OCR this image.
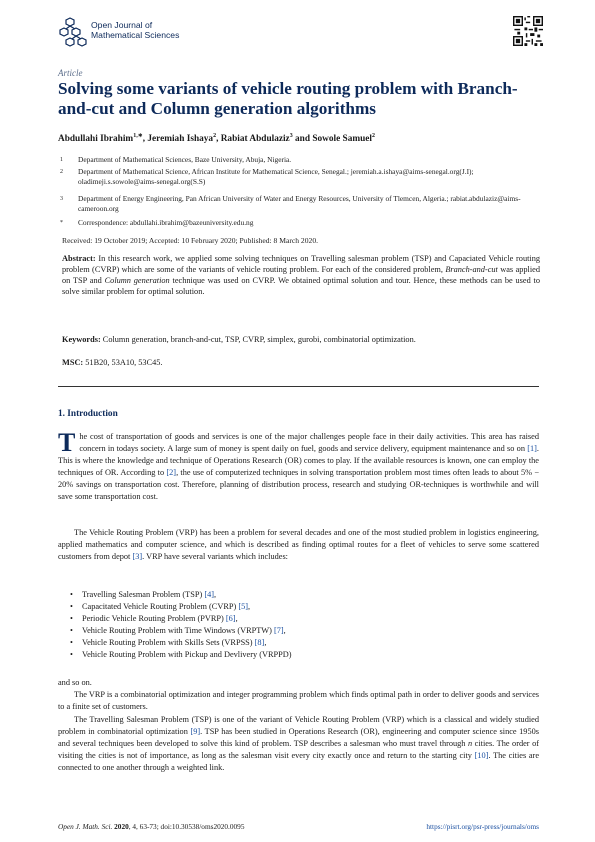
Open Journal of
Mathematical Sciences
Article
Solving some variants of vehicle routing problem with Branch-and-cut and Column generation algorithms
Abdullahi Ibrahim$^{1,∗}$, Jeremiah Ishaya$^2$, Rabiat Abdulaziz$^3$ and Sowole Samuel$^2$
1 Department of Mathematical Sciences, Baze University, Abuja, Nigeria.
2 Department of Mathematical Science, African Institute for Mathematical Science, Senegal.; jeremiah.a.ishaya@aims-senegal.org(J.I); oladimeji.s.sowole@aims-senegal.org(S.S)
3 Department of Energy Engineering, Pan African University of Water and Energy Resources, University of Tlemcen, Algeria.; rabiat.abdulaziz@aims-cameroon.org
* Correspondence: abdullahi.ibrahim@bazeuniversity.edu.ng
Received: 19 October 2019; Accepted: 10 February 2020; Published: 8 March 2020.
Abstract: In this research work, we applied some solving techniques on Travelling salesman problem (TSP) and Capaciated Vehicle routing problem (CVRP) which are some of the variants of vehicle routing problem. For each of the considered problem, Branch-and-cut was applied on TSP and Column generation technique was used on CVRP. We obtained optimal solution and tour. Hence, these methods can be used to solve similar problem for optimal solution.
Keywords: Column generation, branch-and-cut, TSP, CVRP, simplex, gurobi, combinatorial optimization.
MSC: 51B20, 53A10, 53C45.
1. Introduction
The cost of transportation of goods and services is one of the major challenges people face in their daily activities. This area has raised concern in todays society. A large sum of money is spent daily on fuel, goods and service delivery, equipment maintenance and so on [1]. This is where the knowledge and technique of Operations Research (OR) comes to play. If the available resources is known, one can employ the techniques of OR. According to [2], the use of computerized techniques in solving transportation problem most times often leads to about 5% − 20% savings on transportation cost. Therefore, planning of distribution process, research and studying OR-techniques is worthwhile and will save some transportation cost.
The Vehicle Routing Problem (VRP) has been a problem for several decades and one of the most studied problem in logistics engineering, applied mathematics and computer science, and which is described as finding optimal routes for a fleet of vehicles to serve some scattered customers from depot [3]. VRP have several variants which includes:
• Travelling Salesman Problem (TSP) [4],
• Capacitated Vehicle Routing Problem (CVRP) [5],
• Periodic Vehicle Routing Problem (PVRP) [6],
• Vehicle Routing Problem with Time Windows (VRPTW) [7],
• Vehicle Routing Problem with Skills Sets (VRPSS) [8],
• Vehicle Routing Problem with Pickup and Devlivery (VRPPD)
and so on.
The VRP is a combinatorial optimization and integer programming problem which finds optimal path in order to deliver goods and services to a finite set of customers.
The Travelling Salesman Problem (TSP) is one of the variant of Vehicle Routing Problem (VRP) which is a classical and widely studied problem in combinatorial optimization [9]. TSP has been studied in Operations Research (OR), engineering and computer science since 1950s and several techniques been developed to solve this kind of problem. TSP describes a salesman who must travel through n cities. The order of visiting the cities is not of importance, as long as the salesman visit every city exactly once and return to the starting city [10]. The cities are connected to one another through a weighted link.
Open J. Math. Sci. 2020, 4, 63-73; doi:10.30538/oms2020.0095	https://pisrt.org/psr-press/journals/oms
